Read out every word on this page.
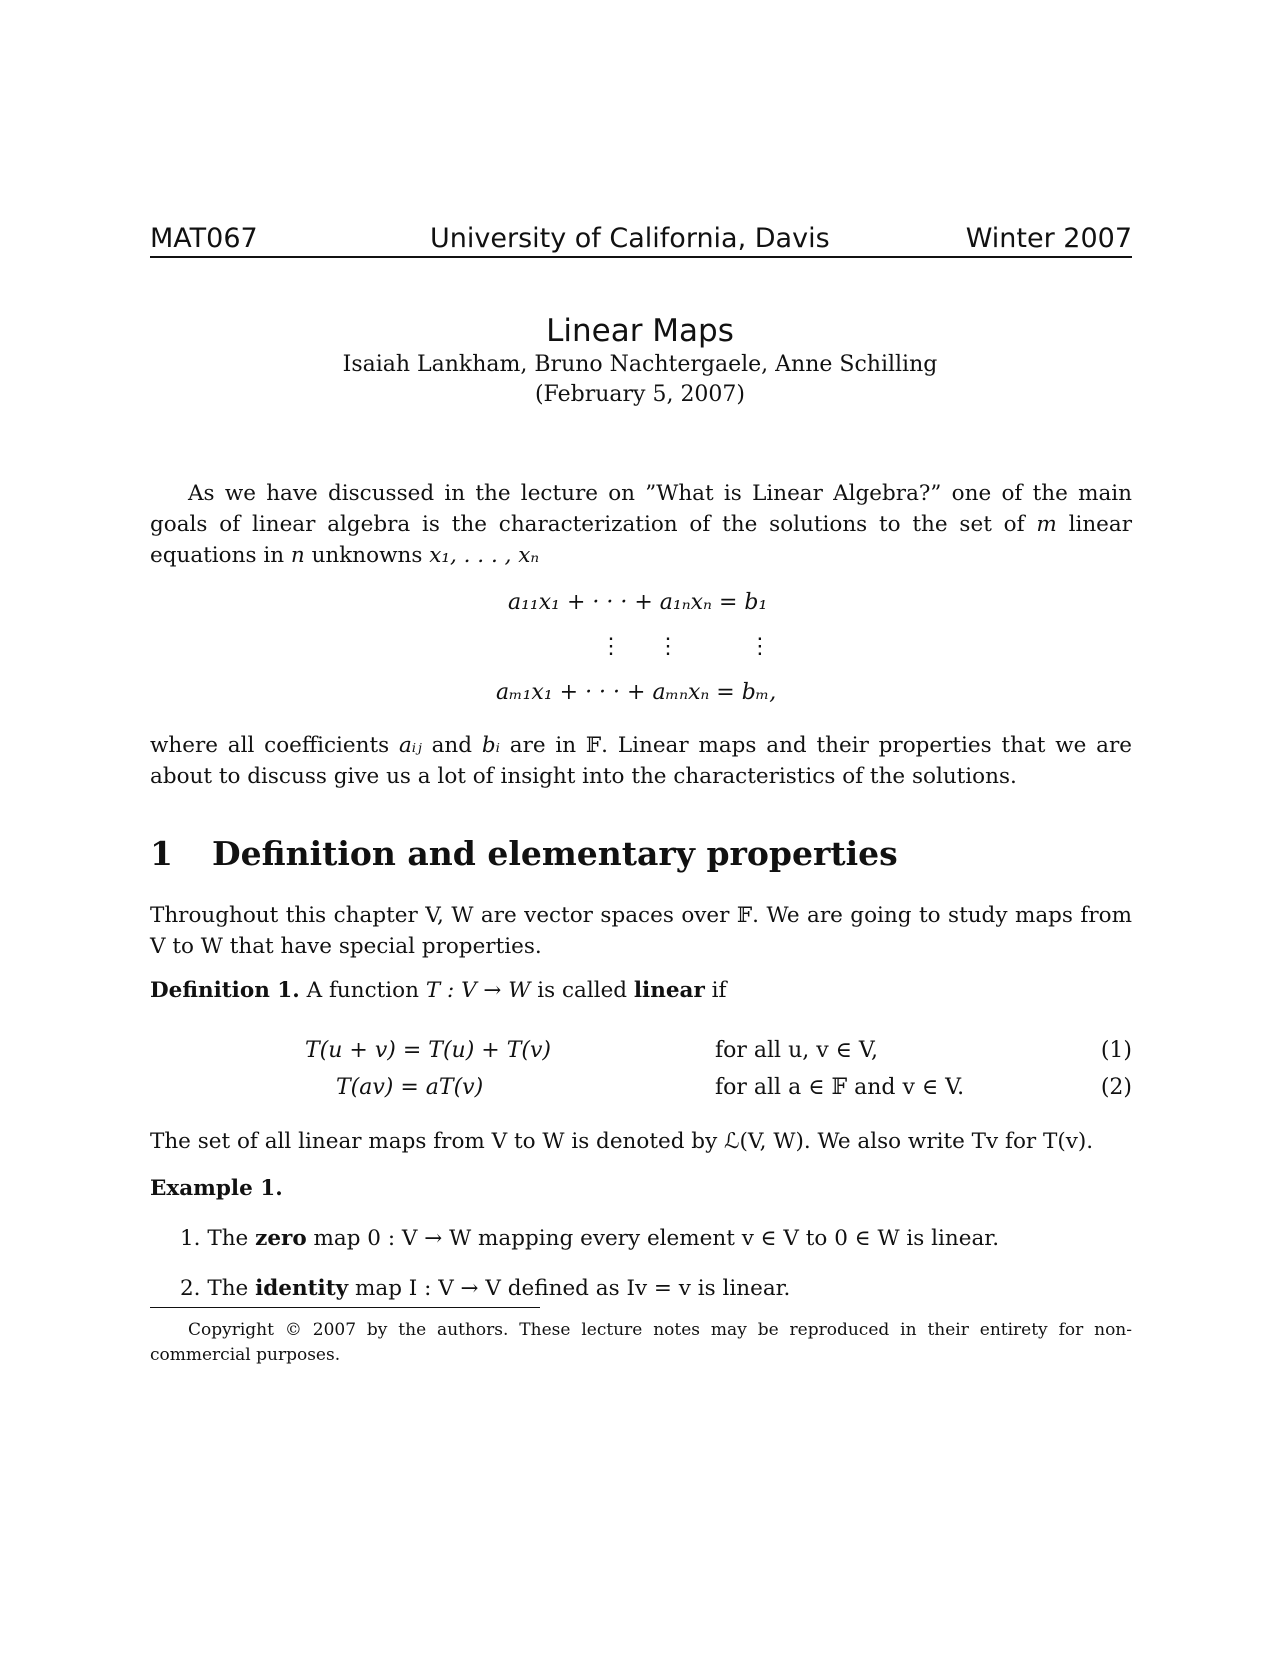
MAT067	University of California, Davis	Winter 2007
Linear Maps
Isaiah Lankham, Bruno Nachtergaele, Anne Schilling
(February 5, 2007)
As we have discussed in the lecture on ”What is Linear Algebra?” one of the main goals of linear algebra is the characterization of the solutions to the set of m linear equations in n unknowns x₁, . . . , xₙ
a₁₁x₁ + · · · + a₁ₙxₙ = b₁
⋮     ⋮          ⋮
aₘ₁x₁ + · · · + aₘₙxₙ = bₘ,
where all coefficients aᵢⱼ and bᵢ are in 𝔽. Linear maps and their properties that we are about to discuss give us a lot of insight into the characteristics of the solutions.
1 Definition and elementary properties
Throughout this chapter V, W are vector spaces over 𝔽. We are going to study maps from V to W that have special properties.
Definition 1. A function T : V → W is called linear if
T(u + v) = T(u) + T(v)	for all u, v ∈ V,	(1)
T(av) = aT(v)	for all a ∈ 𝔽 and v ∈ V.	(2)
The set of all linear maps from V to W is denoted by ℒ(V, W). We also write Tv for T(v).
Example 1.
1. The zero map 0 : V → W mapping every element v ∈ V to 0 ∈ W is linear.
2. The identity map I : V → V defined as Iv = v is linear.
Copyright © 2007 by the authors. These lecture notes may be reproduced in their entirety for non-commercial purposes.
